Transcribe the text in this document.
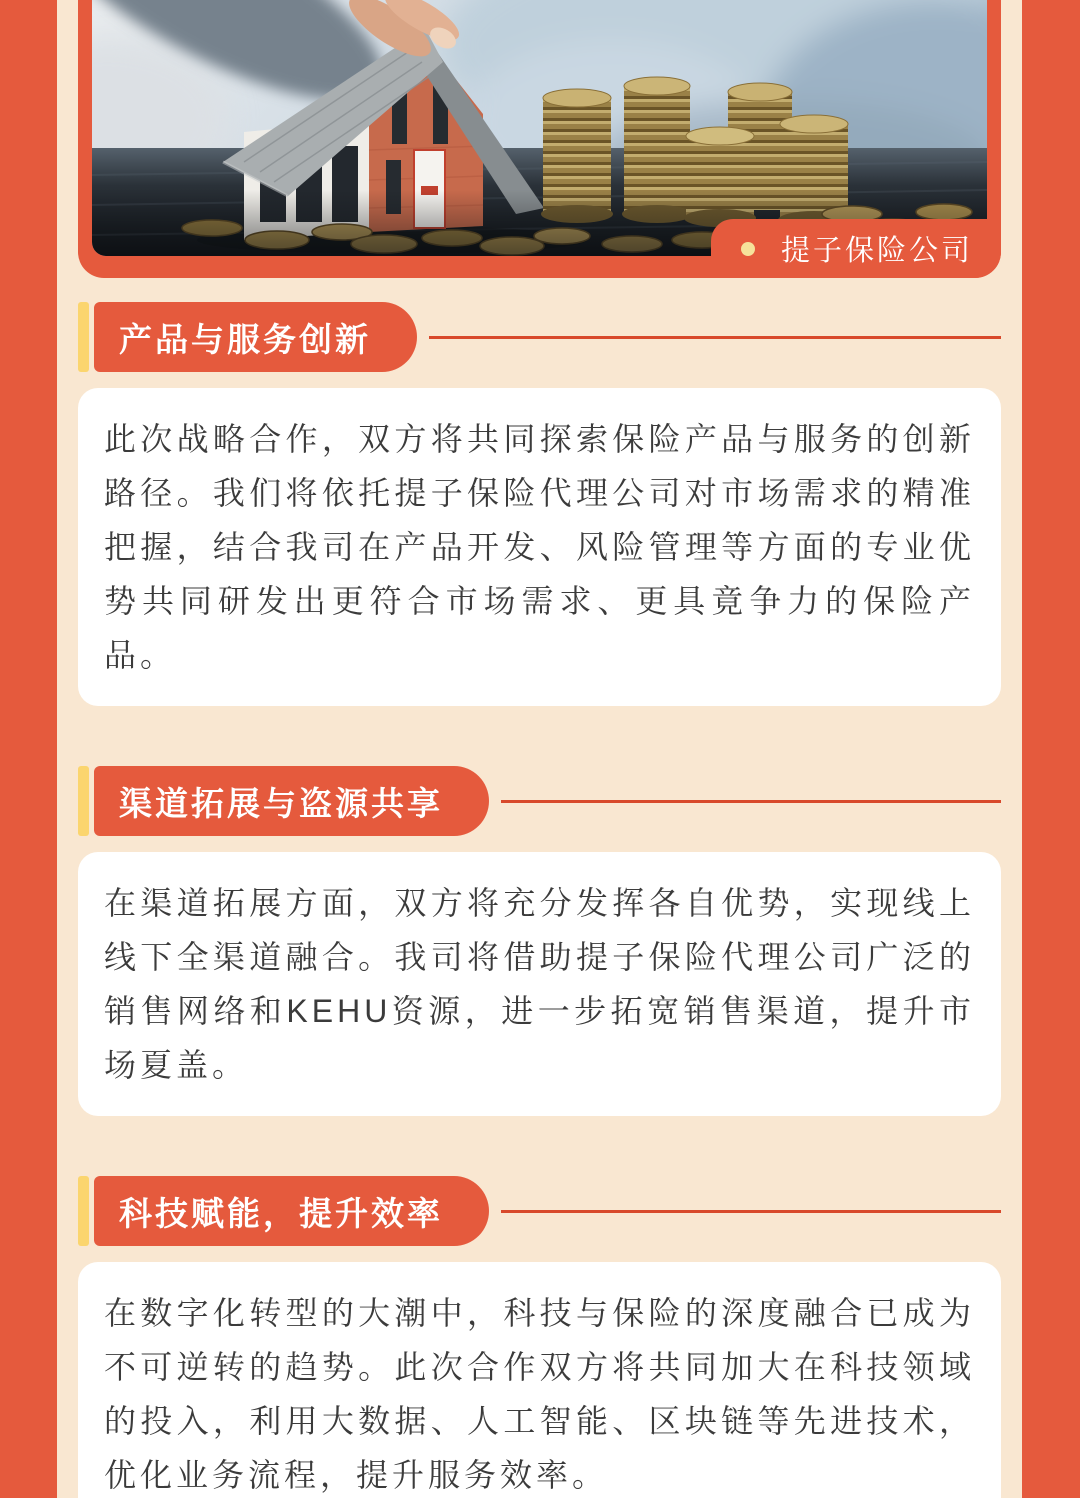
提子保险公司
产品与服务创新

此次战略合作，双方将共同探索保险产品与服务的创新路径。我们将依托提子保险代理公司对市场需求的精准把握，结合我司在产品开发、风险管理等方面的专业优势共同研发出更符合市场需求、更具竟争力的保险产品。

渠道拓展与盗源共享

在渠道拓展方面，双方将充分发挥各自优势，实现线上线下全渠道融合。我司将借助提子保险代理公司广泛的销售网络和KEHU资源，进一步拓宽销售渠道，提升市场夏盖。

科技赋能，提升效率

在数字化转型的大潮中，科技与保险的深度融合已成为不可逆转的趋势。此次合作双方将共同加大在科技领域的投入，利用大数据、人工智能、区块链等先进技术，优化业务流程，提升服务效率。
